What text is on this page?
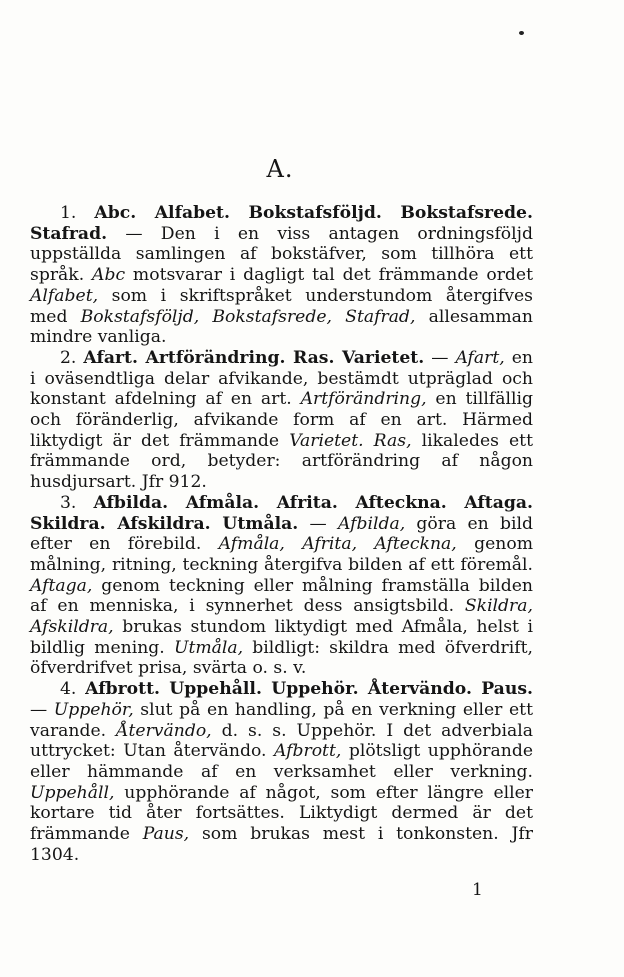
A.

1. Abc. Alfabet. Bokstafsföljd. Bokstafsrede. Stafrad. — Den i en viss antagen ordningsföljd uppställda samlingen af bokstäfver, som tillhöra ett språk. Abc motsvarar i dagligt tal det främmande ordet Alfabet, som i skriftspråket understundom återgifves med Bokstafsföljd, Bokstafsrede, Stafrad, allesamman mindre vanliga.

2. Afart. Artförändring. Ras. Varietet. — Afart, en i oväsendtliga delar afvikande, bestämdt utpräglad och konstant afdelning af en art. Artförändring, en tillfällig och föränderlig, afvikande form af en art. Härmed liktydigt är det främmande Varietet. Ras, likaledes ett främmande ord, betyder: artförändring af någon husdjursart. Jfr 912.

3. Afbilda. Afmåla. Afrita. Afteckna. Aftaga. Skildra. Afskildra. Utmåla. — Afbilda, göra en bild efter en förebild. Afmåla, Afrita, Afteckna, genom målning, ritning, teckning återgifva bilden af ett föremål. Aftaga, genom teckning eller målning framställa bilden af en menniska, i synnerhet dess ansigtsbild. Skildra, Afskildra, brukas stundom liktydigt med Afmåla, helst i bildlig mening. Utmåla, bildligt: skildra med öfverdrift, öfverdrifvet prisa, svärta o. s. v.

4. Afbrott. Uppehåll. Uppehör. Återvändo. Paus. — Uppehör, slut på en handling, på en verkning eller ett varande. Återvändo, d. s. s. Uppehör. I det adverbiala uttrycket: Utan återvändo. Afbrott, plötsligt upphörande eller hämmande af en verksamhet eller verkning. Uppehåll, upphörande af något, som efter längre eller kortare tid åter fortsättes. Liktydigt dermed är det främmande Paus, som brukas mest i tonkonsten. Jfr 1304.

1
